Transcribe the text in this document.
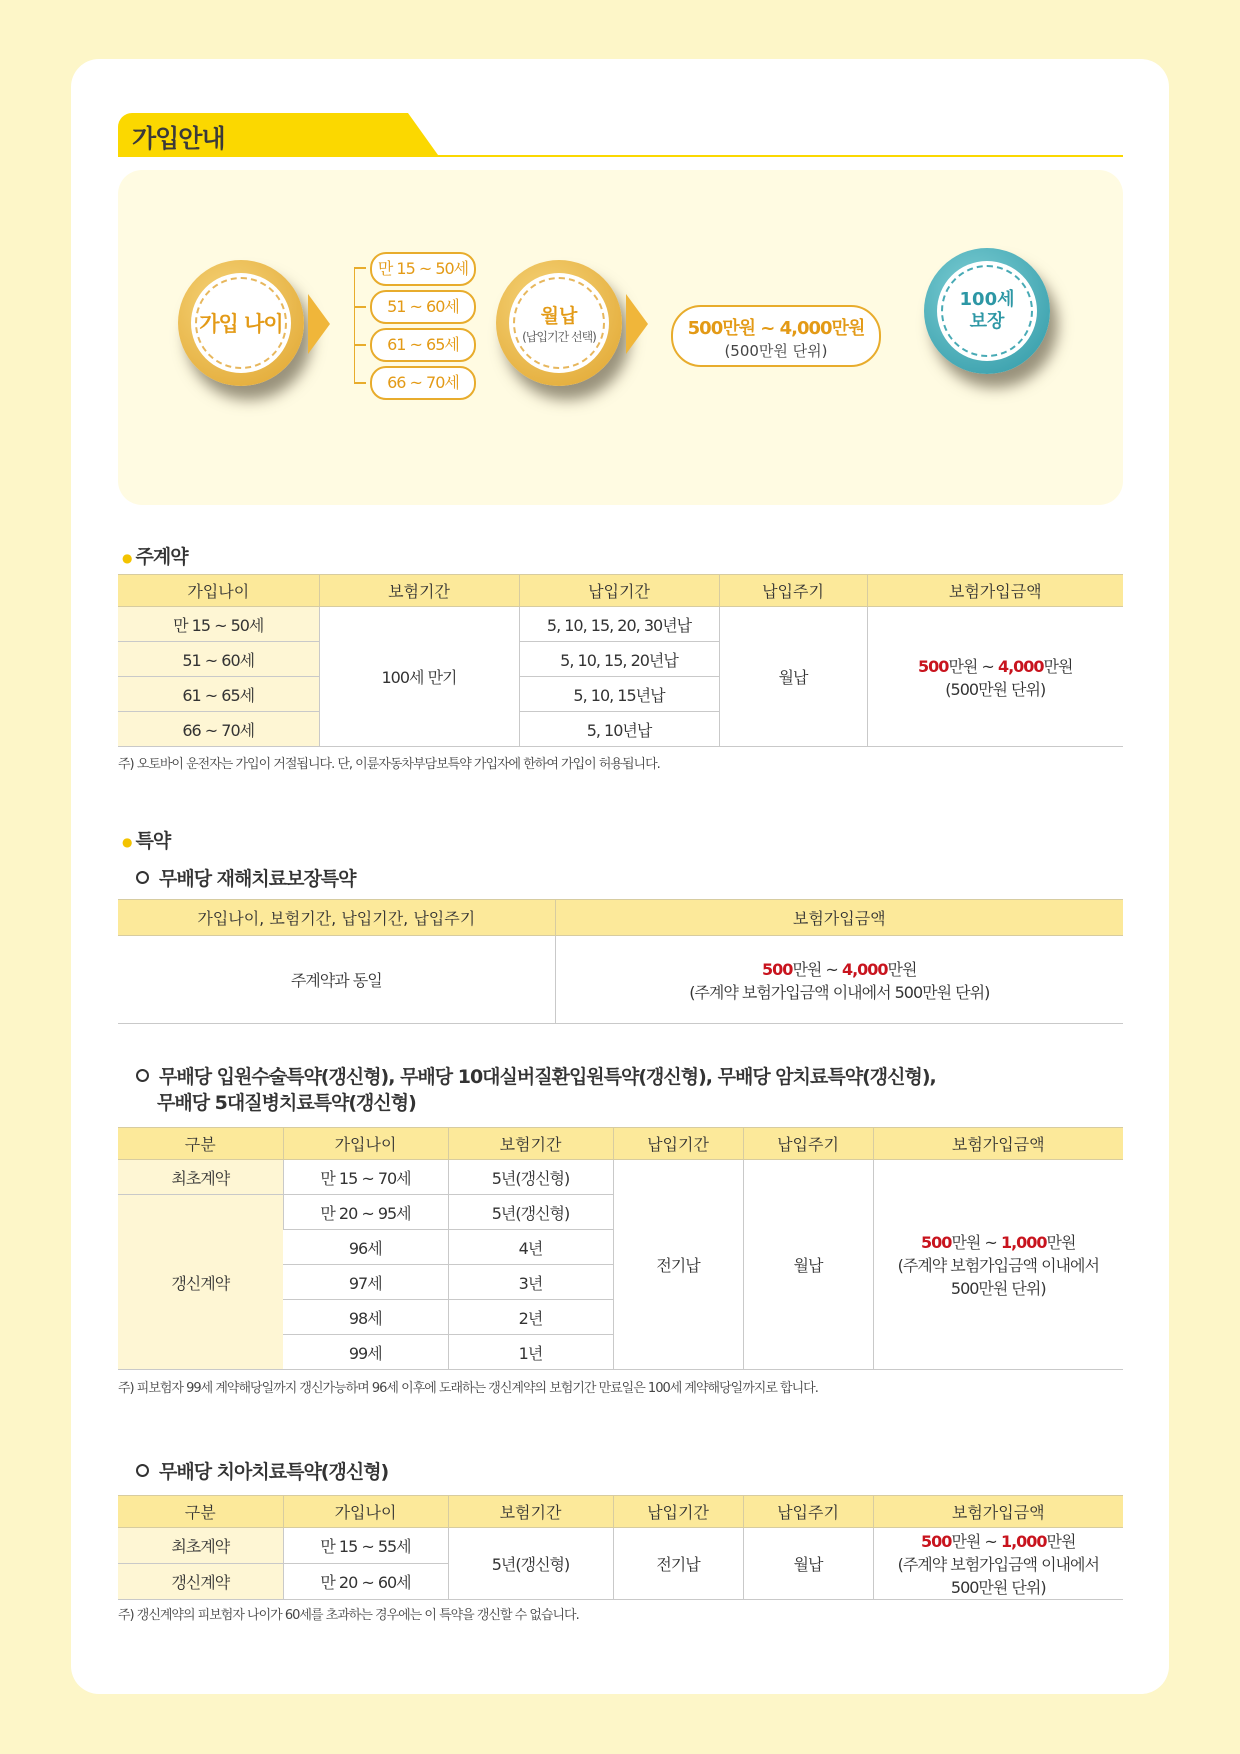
가입안내
가입 나이
만 15 ~ 50세
51 ~ 60세
61 ~ 65세
66 ~ 70세
월납
(납입기간 선택)	500만원 ~ 4,000만원
(500만원 단위)
100세
보장
● 주계약
가입나이	보험기간	납입기간	납입주기	보험가입금액
만 15 ~ 50세	100세 만기	5, 10, 15, 20, 30년납	월납	500만원 ~ 4,000만원
(500만원 단위)
51 ~ 60세		5, 10, 15, 20년납		
61 ~ 65세		5, 10, 15년납		
66 ~ 70세		5, 10년납		
주) 오토바이 운전자는 가입이 거절됩니다. 단, 이륜자동차부담보특약 가입자에 한하여 가입이 허용됩니다.
● 특약
무배당 재해치료보장특약
가입나이, 보험기간, 납입기간, 납입주기	보험가입금액
주계약과 동일	500만원 ~ 4,000만원
(주계약 보험가입금액 이내에서 500만원 단위)
무배당 입원수술특약(갱신형), 무배당 10대실버질환입원특약(갱신형), 무배당 암치료특약(갱신형),
무배당 5대질병치료특약(갱신형)
구분	가입나이	보험기간	납입기간	납입주기	보험가입금액
최초계약	만 15 ~ 70세	5년(갱신형)	전기납	월납	500만원 ~ 1,000만원
(주계약 보험가입금액 이내에서
500만원 단위)
갱신계약	만 20 ~ 95세	5년(갱신형)			
	96세	4년			
	97세	3년			
	98세	2년			
	99세	1년			
주) 피보험자 99세 계약해당일까지 갱신가능하며 96세 이후에 도래하는 갱신계약의 보험기간 만료일은 100세 계약해당일까지로 합니다.
무배당 치아치료특약(갱신형)
구분	가입나이	보험기간	납입기간	납입주기	보험가입금액
최초계약	만 15 ~ 55세	5년(갱신형)	전기납	월납	500만원 ~ 1,000만원
(주계약 보험가입금액 이내에서
500만원 단위)
갱신계약	만 20 ~ 60세				
주) 갱신계약의 피보험자 나이가 60세를 초과하는 경우에는 이 특약을 갱신할 수 없습니다.
